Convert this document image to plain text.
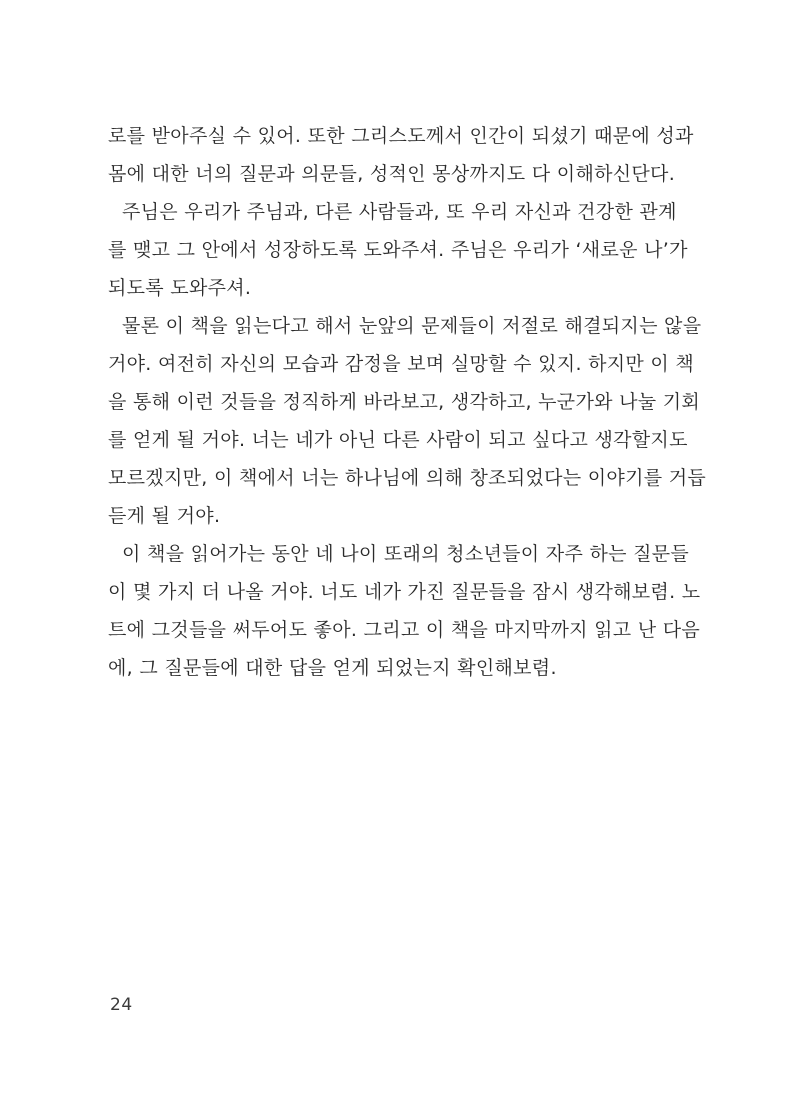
로를 받아주실 수 있어. 또한 그리스도께서 인간이 되셨기 때문에 성과
몸에 대한 너의 질문과 의문들, 성적인 몽상까지도 다 이해하신단다.
주님은 우리가 주님과, 다른 사람들과, 또 우리 자신과 건강한 관계
를 맺고 그 안에서 성장하도록 도와주셔. 주님은 우리가 ‘새로운 나’가
되도록 도와주셔.
물론 이 책을 읽는다고 해서 눈앞의 문제들이 저절로 해결되지는 않을
거야. 여전히 자신의 모습과 감정을 보며 실망할 수 있지. 하지만 이 책
을 통해 이런 것들을 정직하게 바라보고, 생각하고, 누군가와 나눌 기회
를 얻게 될 거야. 너는 네가 아닌 다른 사람이 되고 싶다고 생각할지도
모르겠지만, 이 책에서 너는 하나님에 의해 창조되었다는 이야기를 거듭
듣게 될 거야.
이 책을 읽어가는 동안 네 나이 또래의 청소년들이 자주 하는 질문들
이 몇 가지 더 나올 거야. 너도 네가 가진 질문들을 잠시 생각해보렴. 노
트에 그것들을 써두어도 좋아. 그리고 이 책을 마지막까지 읽고 난 다음
에, 그 질문들에 대한 답을 얻게 되었는지 확인해보렴.
24
